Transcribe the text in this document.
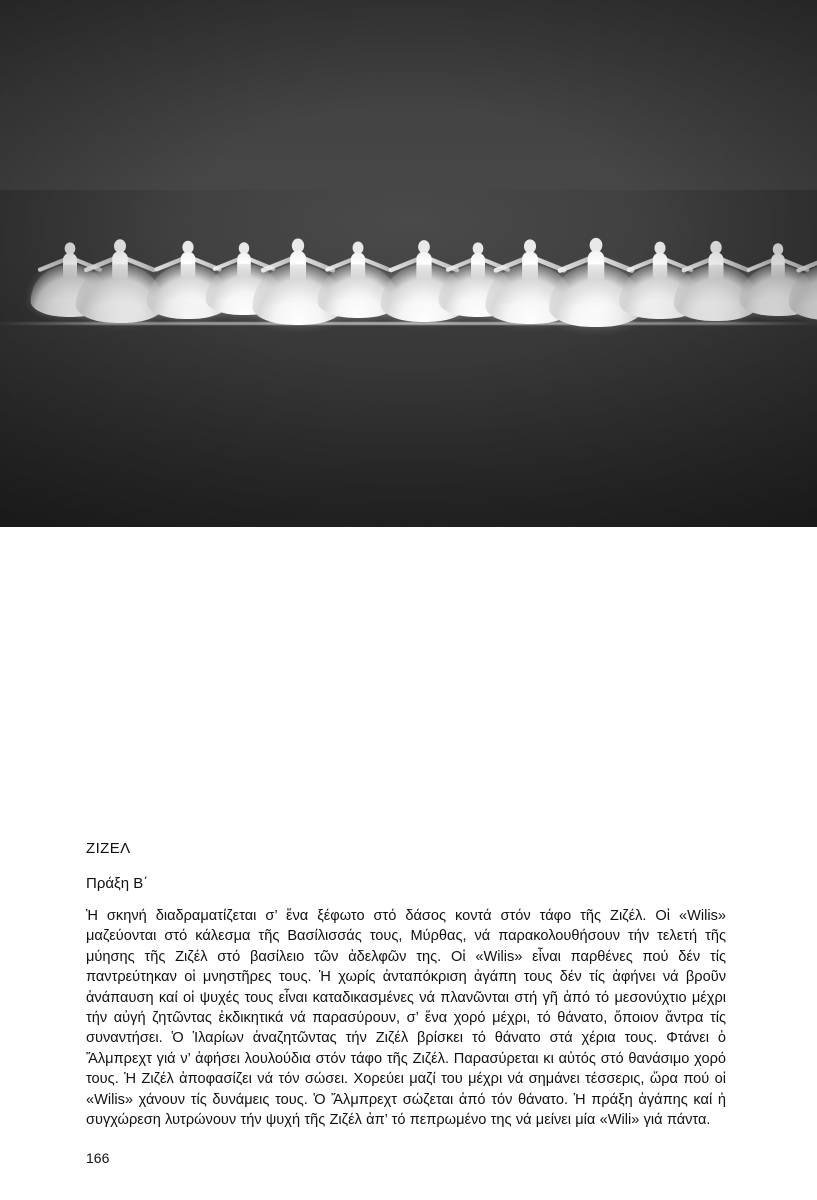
ΖΙΖΕΛ

Πράξη Β΄

Ἡ σκηνή διαδραματίζεται σ’ ἕνα ξέφωτο στό δάσος κοντά στόν τάφο τῆς Ζιζέλ. Οἱ «Wilis» μαζεύονται στό κάλεσμα τῆς Βασίλισσάς τους, Μύρθας, νά παρακολουθήσουν τήν τελετή τῆς μύησης τῆς Ζιζέλ στό βασίλειο τῶν ἀδελφῶν της. Οἱ «Wilis» εἶναι παρθένες πού δέν τίς παντρεύτηκαν οἱ μνηστῆρες τους. Ἡ χωρίς ἀνταπόκριση ἀγάπη τους δέν τίς ἀφήνει νά βροῦν ἀνάπαυση καί οἱ ψυχές τους εἶναι καταδικασμένες νά πλανῶνται στή γῆ ἀπό τό μεσονύχτιο μέχρι τήν αὐγή ζητῶντας ἐκδικητικά νά παρασύρουν, σ’ ἕνα χορό μέχρι, τό θάνατο, ὅποιον ἄντρα τίς συναντήσει. Ὁ Ἱλαρίων ἀναζητῶντας τήν Ζιζέλ βρίσκει τό θάνατο στά χέρια τους. Φτάνει ὁ Ἄλμπρεχτ γιά ν’ ἀφήσει λουλούδια στόν τάφο τῆς Ζιζέλ. Παρασύρεται κι αὐτός στό θανάσιμο χορό τους. Ἡ Ζιζέλ ἀποφασίζει νά τόν σώσει. Χορεύει μαζί του μέχρι νά σημάνει τέσσερις, ὥρα πού οἱ «Wilis» χάνουν τίς δυνάμεις τους. Ὁ Ἄλμπρεχτ σώζεται ἀπό τόν θάνατο. Ἡ πράξη ἀγάπης καί ἡ συγχώρεση λυτρώνουν τήν ψυχή τῆς Ζιζέλ ἀπ’ τό πεπρωμένο της νά μείνει μία «Wili» γιά πάντα.

166
